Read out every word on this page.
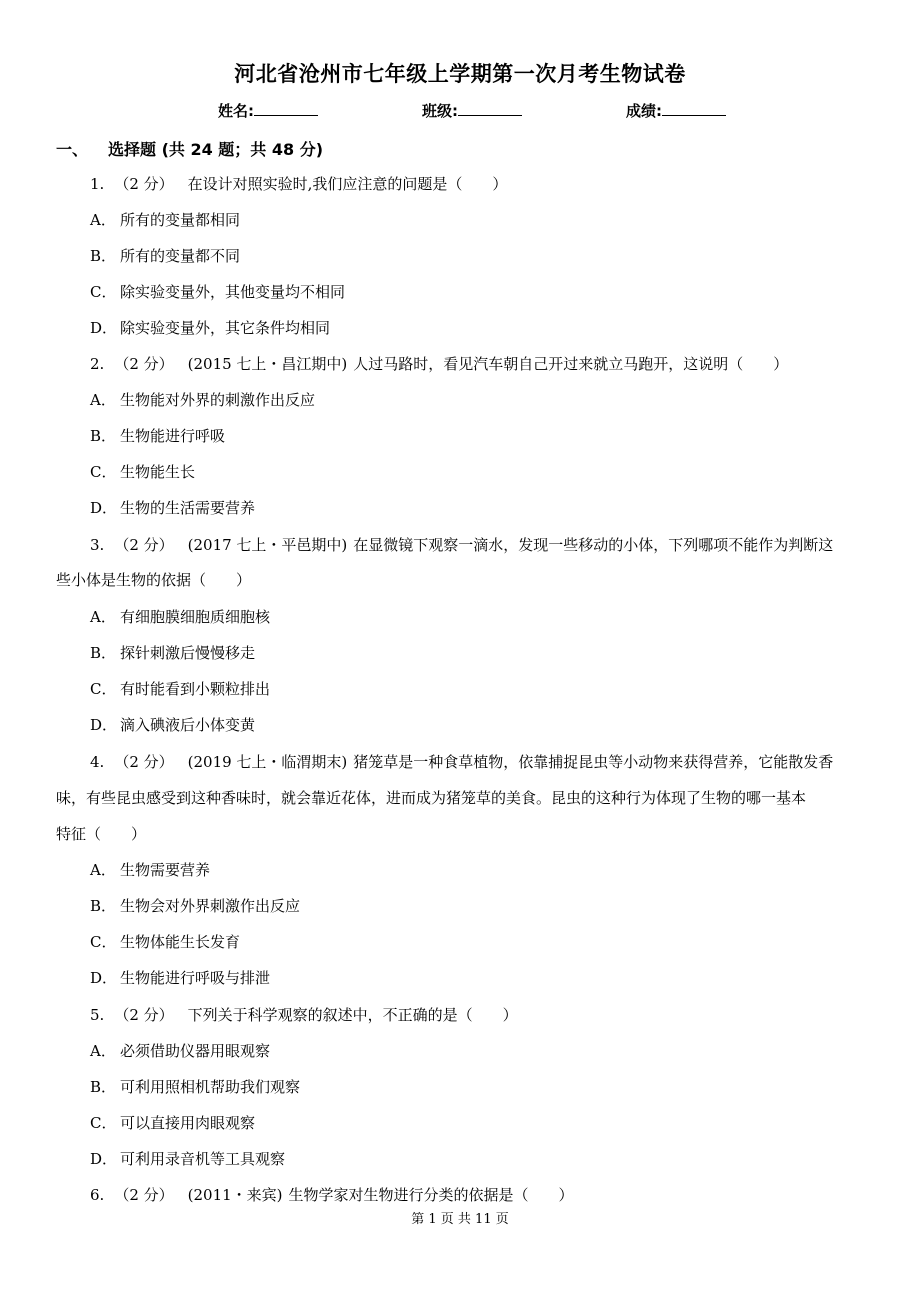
河北省沧州市七年级上学期第一次月考生物试卷
姓名:	班级:	成绩:
一、 选择题 (共 24 题；共 48 分)
1. （2 分） 在设计对照实验时,我们应注意的问题是（　　）
A． 所有的变量都相同
B． 所有的变量都不同
C． 除实验变量外，其他变量均不相同
D． 除实验变量外，其它条件均相同
2. （2 分） (2015 七上・昌江期中) 人过马路时，看见汽车朝自己开过来就立马跑开，这说明（　　）
A． 生物能对外界的刺激作出反应
B． 生物能进行呼吸
C． 生物能生长
D． 生物的生活需要营养
3. （2 分） (2017 七上・平邑期中) 在显微镜下观察一滴水，发现一些移动的小体，下列哪项不能作为判断这
些小体是生物的依据（　　）
A． 有细胞膜细胞质细胞核
B． 探针刺激后慢慢移走
C． 有时能看到小颗粒排出
D． 滴入碘液后小体变黄
4. （2 分） (2019 七上・临渭期末) 猪笼草是一种食草植物，依靠捕捉昆虫等小动物来获得营养，它能散发香
味，有些昆虫感受到这种香味时，就会靠近花体，进而成为猪笼草的美食。昆虫的这种行为体现了生物的哪一基本
特征（　　）
A． 生物需要营养
B． 生物会对外界刺激作出反应
C． 生物体能生长发育
D． 生物能进行呼吸与排泄
5. （2 分） 下列关于科学观察的叙述中，不正确的是（　　）
A． 必须借助仪器用眼观察
B． 可利用照相机帮助我们观察
C． 可以直接用肉眼观察
D． 可利用录音机等工具观察
6. （2 分） (2011・来宾) 生物学家对生物进行分类的依据是（　　）
第 1 页 共 11 页
